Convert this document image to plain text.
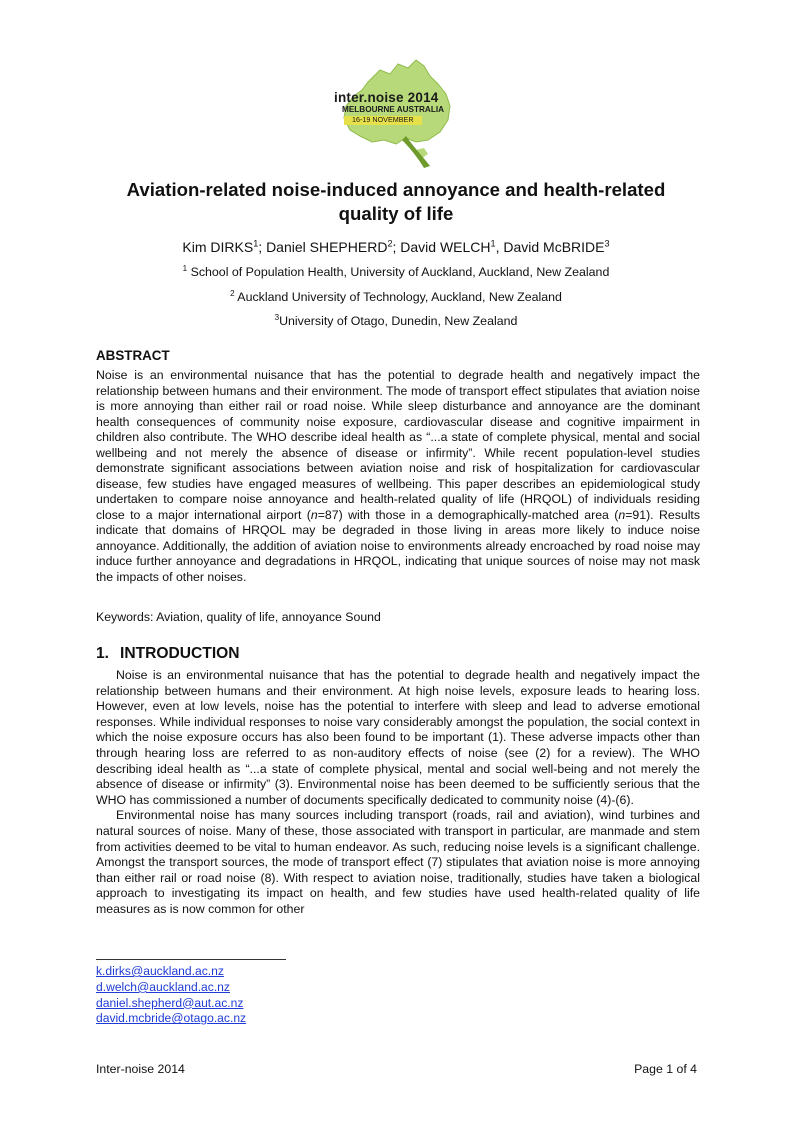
inter.noise 2014
MELBOURNE AUSTRALIA
16-19 NOVEMBER
Aviation-related noise-induced annoyance and health-related quality of life
Kim DIRKS$^1$; Daniel SHEPHERD$^2$; David WELCH$^1$, David McBRIDE$^3$
$^1$ School of Population Health, University of Auckland, Auckland, New Zealand
$^2$ Auckland University of Technology, Auckland, New Zealand
$^3$University of Otago, Dunedin, New Zealand
ABSTRACT

Noise is an environmental nuisance that has the potential to degrade health and negatively impact the relationship between humans and their environment. The mode of transport effect stipulates that aviation noise is more annoying than either rail or road noise. While sleep disturbance and annoyance are the dominant health consequences of community noise exposure, cardiovascular disease and cognitive impairment in children also contribute. The WHO describe ideal health as “...a state of complete physical, mental and social wellbeing and not merely the absence of disease or infirmity”. While recent population-level studies demonstrate significant associations between aviation noise and risk of hospitalization for cardiovascular disease, few studies have engaged measures of wellbeing. This paper describes an epidemiological study undertaken to compare noise annoyance and health-related quality of life (HRQOL) of individuals residing close to a major international airport (n=87) with those in a demographically-matched area (n=91). Results indicate that domains of HRQOL may be degraded in those living in areas more likely to induce noise annoyance. Additionally, the addition of aviation noise to environments already encroached by road noise may induce further annoyance and degradations in HRQOL, indicating that unique sources of noise may not mask the impacts of other noises.

Keywords: Aviation, quality of life, annoyance Sound
1. INTRODUCTION

Noise is an environmental nuisance that has the potential to degrade health and negatively impact the relationship between humans and their environment. At high noise levels, exposure leads to hearing loss. However, even at low levels, noise has the potential to interfere with sleep and lead to adverse emotional responses. While individual responses to noise vary considerably amongst the population, the social context in which the noise exposure occurs has also been found to be important (1). These adverse impacts other than through hearing loss are referred to as non-auditory effects of noise (see (2) for a review). The WHO describing ideal health as “...a state of complete physical, mental and social well-being and not merely the absence of disease or infirmity” (3). Environmental noise has been deemed to be sufficiently serious that the WHO has commissioned a number of documents specifically dedicated to community noise (4)-(6).

Environmental noise has many sources including transport (roads, rail and aviation), wind turbines and natural sources of noise. Many of these, those associated with transport in particular, are manmade and stem from activities deemed to be vital to human endeavor. As such, reducing noise levels is a significant challenge. Amongst the transport sources, the mode of transport effect (7) stipulates that aviation noise is more annoying than either rail or road noise (8). With respect to aviation noise, traditionally, studies have taken a biological approach to investigating its impact on health, and few studies have used health-related quality of life measures as is now common for other

k.dirks@auckland.ac.nz
d.welch@auckland.ac.nz
daniel.shepherd@aut.ac.nz
david.mcbride@otago.ac.nz
Inter-noise 2014	Page 1 of 4
